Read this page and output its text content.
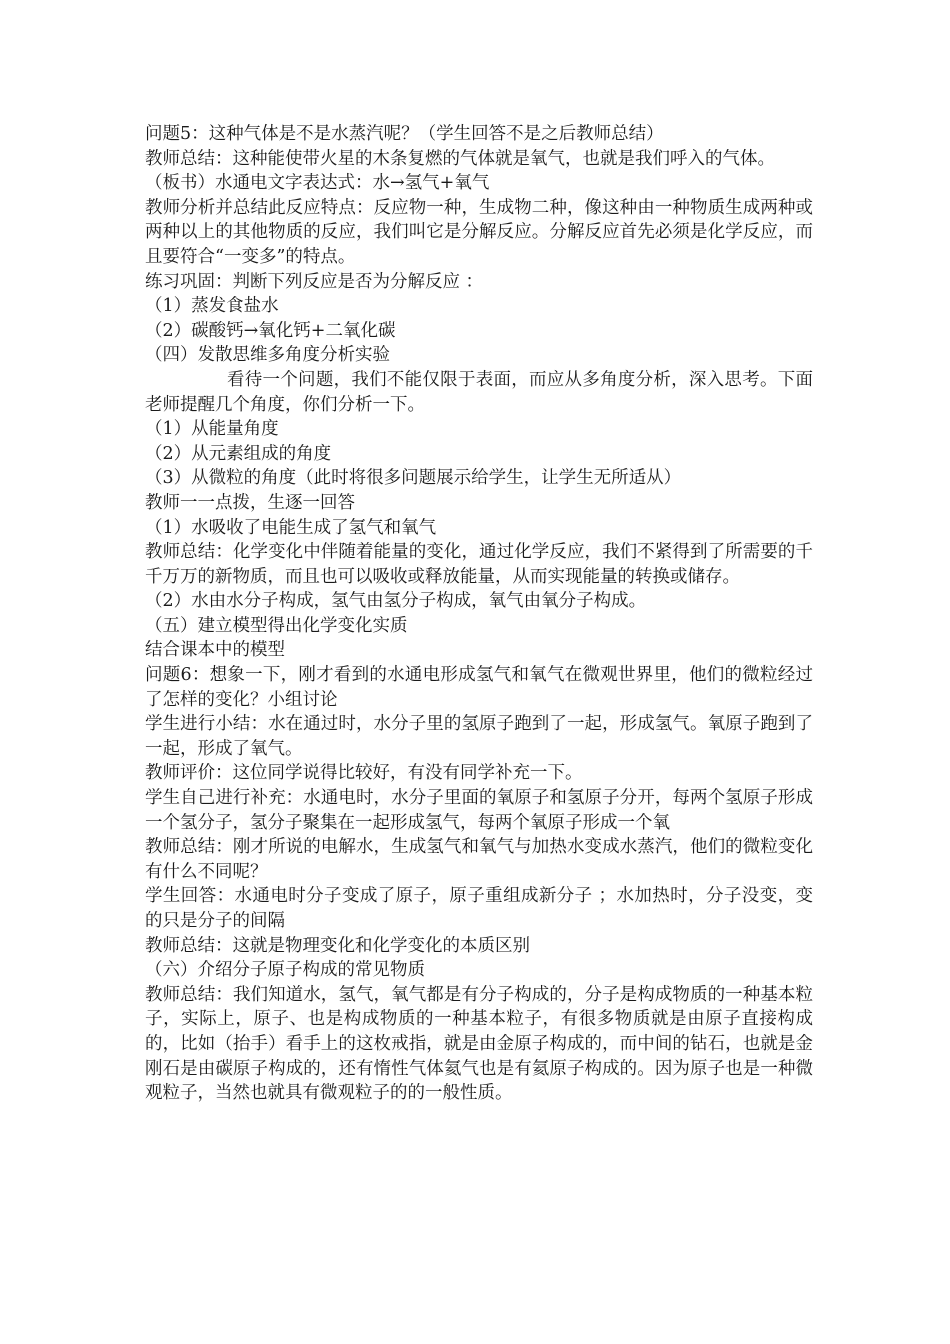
问题5：这种气体是不是水蒸汽呢？（学生回答不是之后教师总结）

教师总结：这种能使带火星的木条复燃的气体就是氧气，也就是我们呼入的气体。

（板书）水通电文字表达式：水→氢气+氧气

教师分析并总结此反应特点：反应物一种，生成物二种，像这种由一种物质生成两种或两种以上的其他物质的反应，我们叫它是分解反应。分解反应首先必须是化学反应，而且要符合“一变多”的特点。

练习巩固：判断下列反应是否为分解反应 ：

（1）蒸发食盐水

（2）碳酸钙→氧化钙+二氧化碳

（四）发散思维多角度分析实验

看待一个问题，我们不能仅限于表面，而应从多角度分析，深入思考。下面老师提醒几个角度，你们分析一下。

（1）从能量角度

（2）从元素组成的角度

（3）从微粒的角度（此时将很多问题展示给学生，让学生无所适从）

教师一一点拨，生逐一回答

（1）水吸收了电能生成了氢气和氧气

教师总结：化学变化中伴随着能量的变化，通过化学反应，我们不紧得到了所需要的千千万万的新物质，而且也可以吸收或释放能量，从而实现能量的转换或储存。

（2）水由水分子构成，氢气由氢分子构成，氧气由氧分子构成。

（五）建立模型得出化学变化实质

结合课本中的模型

问题6：想象一下，刚才看到的水通电形成氢气和氧气在微观世界里，他们的微粒经过了怎样的变化？小组讨论

学生进行小结：水在通过时，水分子里的氢原子跑到了一起，形成氢气。氧原子跑到了一起，形成了氧气。

教师评价：这位同学说得比较好，有没有同学补充一下。

学生自己进行补充：水通电时，水分子里面的氧原子和氢原子分开，每两个氢原子形成一个氢分子，氢分子聚集在一起形成氢气，每两个氧原子形成一个氧

教师总结：刚才所说的电解水，生成氢气和氧气与加热水变成水蒸汽，他们的微粒变化有什么不同呢？

学生回答：水通电时分子变成了原子，原子重组成新分子 ；水加热时，分子没变，变的只是分子的间隔

教师总结：这就是物理变化和化学变化的本质区别

（六）介绍分子原子构成的常见物质

教师总结：我们知道水，氢气，氧气都是有分子构成的，分子是构成物质的一种基本粒子，实际上，原子、也是构成物质的一种基本粒子，有很多物质就是由原子直接构成的，比如（抬手）看手上的这枚戒指，就是由金原子构成的，而中间的钻石，也就是金刚石是由碳原子构成的，还有惰性气体氦气也是有氦原子构成的。因为原子也是一种微观粒子，当然也就具有微观粒子的的一般性质。
